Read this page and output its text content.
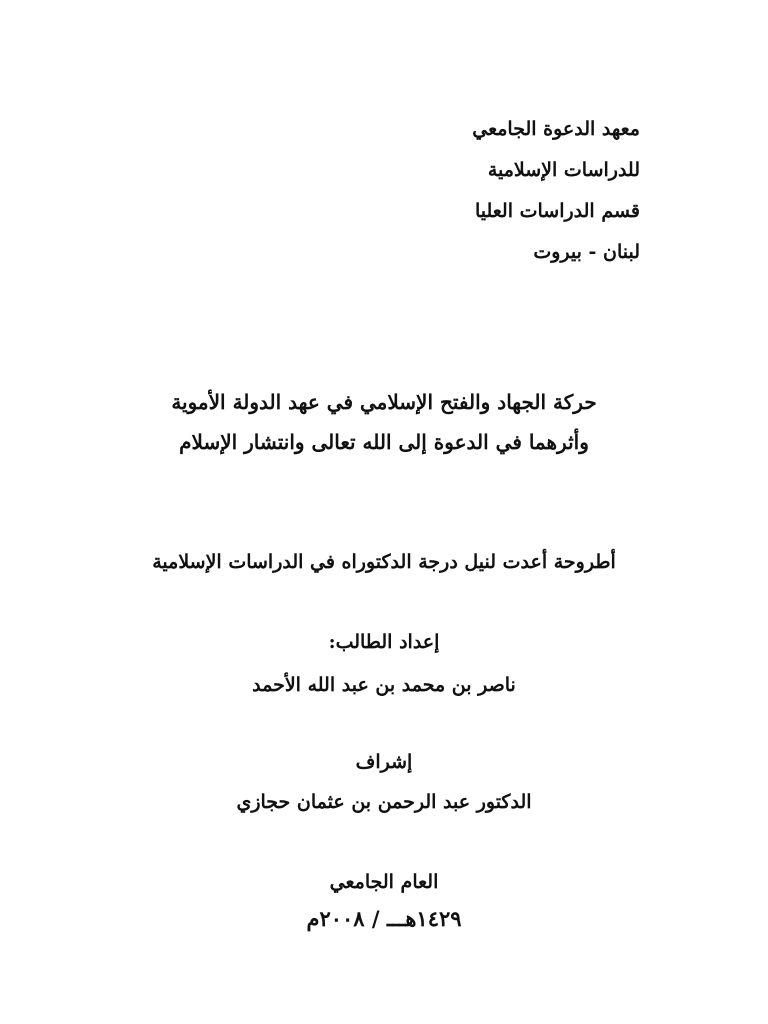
معهد الدعوة الجامعي
للدراسات الإسلامية
قسم الدراسات العليا
لبنان - بيروت
حركة الجهاد والفتح الإسلامي في عهد الدولة الأموية
وأثرهما في الدعوة إلى الله تعالى وانتشار الإسلام
أطروحة أعدت لنيل درجة الدكتوراه في الدراسات الإسلامية
إعداد الطالب:
ناصر بن محمد بن عبد الله الأحمد
إشراف
الدكتور عبد الرحمن بن عثمان حجازي
العام الجامعي
١٤٢٩هـــ / ٢٠٠٨م
